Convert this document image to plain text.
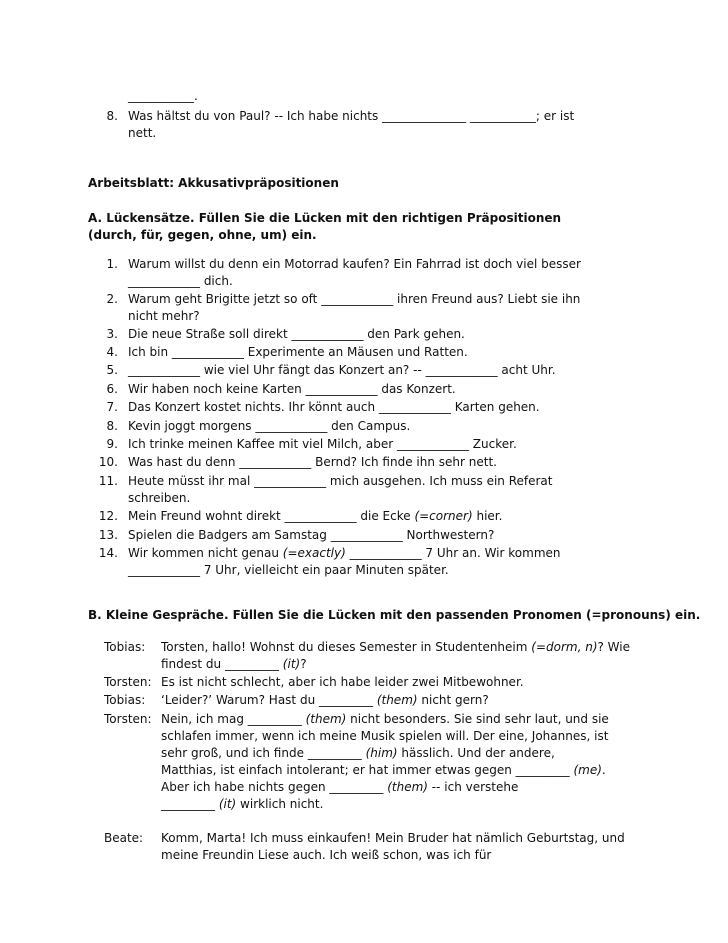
___________.
8. Was hältst du von Paul? -- Ich habe nichts ______________ ___________; er ist
nett.
Arbeitsblatt: Akkusativpräpositionen
A. Lückensätze. Füllen Sie die Lücken mit den richtigen Präpositionen
(durch, für, gegen, ohne, um) ein.
1. Warum willst du denn ein Motorrad kaufen? Ein Fahrrad ist doch viel besser
____________ dich.
2. Warum geht Brigitte jetzt so oft ____________ ihren Freund aus? Liebt sie ihn
nicht mehr?
3. Die neue Straße soll direkt ____________ den Park gehen.
4. Ich bin ____________ Experimente an Mäusen und Ratten.
5. ____________ wie viel Uhr fängt das Konzert an? -- ____________ acht Uhr.
6. Wir haben noch keine Karten ____________ das Konzert.
7. Das Konzert kostet nichts. Ihr könnt auch ____________ Karten gehen.
8. Kevin joggt morgens ____________ den Campus.
9. Ich trinke meinen Kaffee mit viel Milch, aber ____________ Zucker.
10. Was hast du denn ____________ Bernd? Ich finde ihn sehr nett.
11. Heute müsst ihr mal ____________ mich ausgehen. Ich muss ein Referat
schreiben.
12. Mein Freund wohnt direkt ____________ die Ecke (=corner) hier.
13. Spielen die Badgers am Samstag ____________ Northwestern?
14. Wir kommen nicht genau (=exactly) ____________ 7 Uhr an. Wir kommen
____________ 7 Uhr, vielleicht ein paar Minuten später.
B. Kleine Gespräche. Füllen Sie die Lücken mit den passenden Pronomen (=pronouns) ein.
Tobias: Torsten, hallo! Wohnst du dieses Semester in Studentenheim (=dorm, n)? Wie
findest du _________ (it)?
Torsten: Es ist nicht schlecht, aber ich habe leider zwei Mitbewohner.
Tobias: ‘Leider?’ Warum? Hast du _________ (them) nicht gern?
Torsten: Nein, ich mag _________ (them) nicht besonders. Sie sind sehr laut, und sie
schlafen immer, wenn ich meine Musik spielen will. Der eine, Johannes, ist
sehr groß, und ich finde _________ (him) hässlich. Und der andere,
Matthias, ist einfach intolerant; er hat immer etwas gegen _________ (me).
Aber ich habe nichts gegen _________ (them) -- ich verstehe
_________ (it) wirklich nicht.
Beate: Komm, Marta! Ich muss einkaufen! Mein Bruder hat nämlich Geburtstag, und
meine Freundin Liese auch. Ich weiß schon, was ich für
